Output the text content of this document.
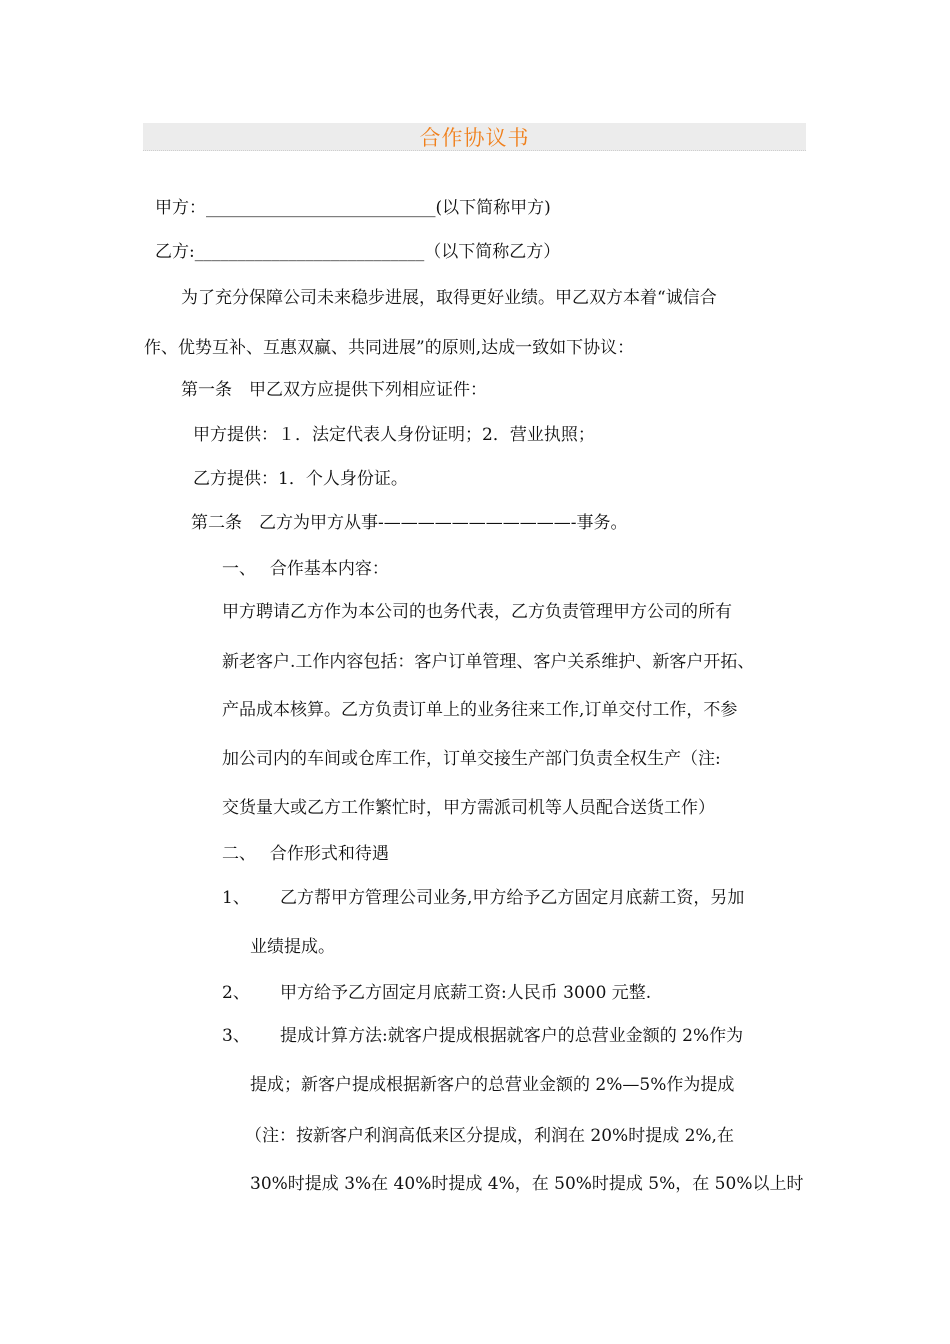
合作协议书
甲方：___________________________(以下简称甲方)
乙方:___________________________（以下简称乙方）
为了充分保障公司未来稳步进展，取得更好业绩。甲乙双方本着“诚信合
作、优势互补、互惠双赢、共同进展”的原则,达成一致如下协议：
第一条　甲乙双方应提供下列相应证件：
甲方提供：１．法定代表人身份证明；2．营业执照；
乙方提供：1．个人身份证。
第二条　乙方为甲方从事-———————————-事务。
一、　 合作基本内容：
甲方聘请乙方作为本公司的也务代表，乙方负责管理甲方公司的所有
新老客户.工作内容包括：客户订单管理、客户关系维护、新客户开拓、
产品成本核算。乙方负责订单上的业务往来工作,订单交付工作，不参
加公司内的车间或仓库工作，订单交接生产部门负责全权生产（注:
交货量大或乙方工作繁忙时，甲方需派司机等人员配合送货工作）
二、　 合作形式和待遇
1、 乙方帮甲方管理公司业务,甲方给予乙方固定月底薪工资，另加
业绩提成。
2、 甲方给予乙方固定月底薪工资:人民币 3000 元整.
3、 提成计算方法:就客户提成根据就客户的总营业金额的 2%作为
提成；新客户提成根据新客户的总营业金额的 2%—5%作为提成
（注：按新客户利润高低来区分提成，利润在 20%时提成 2%,在
30%时提成 3%在 40%时提成 4%，在 50%时提成 5%，在 50%以上时
